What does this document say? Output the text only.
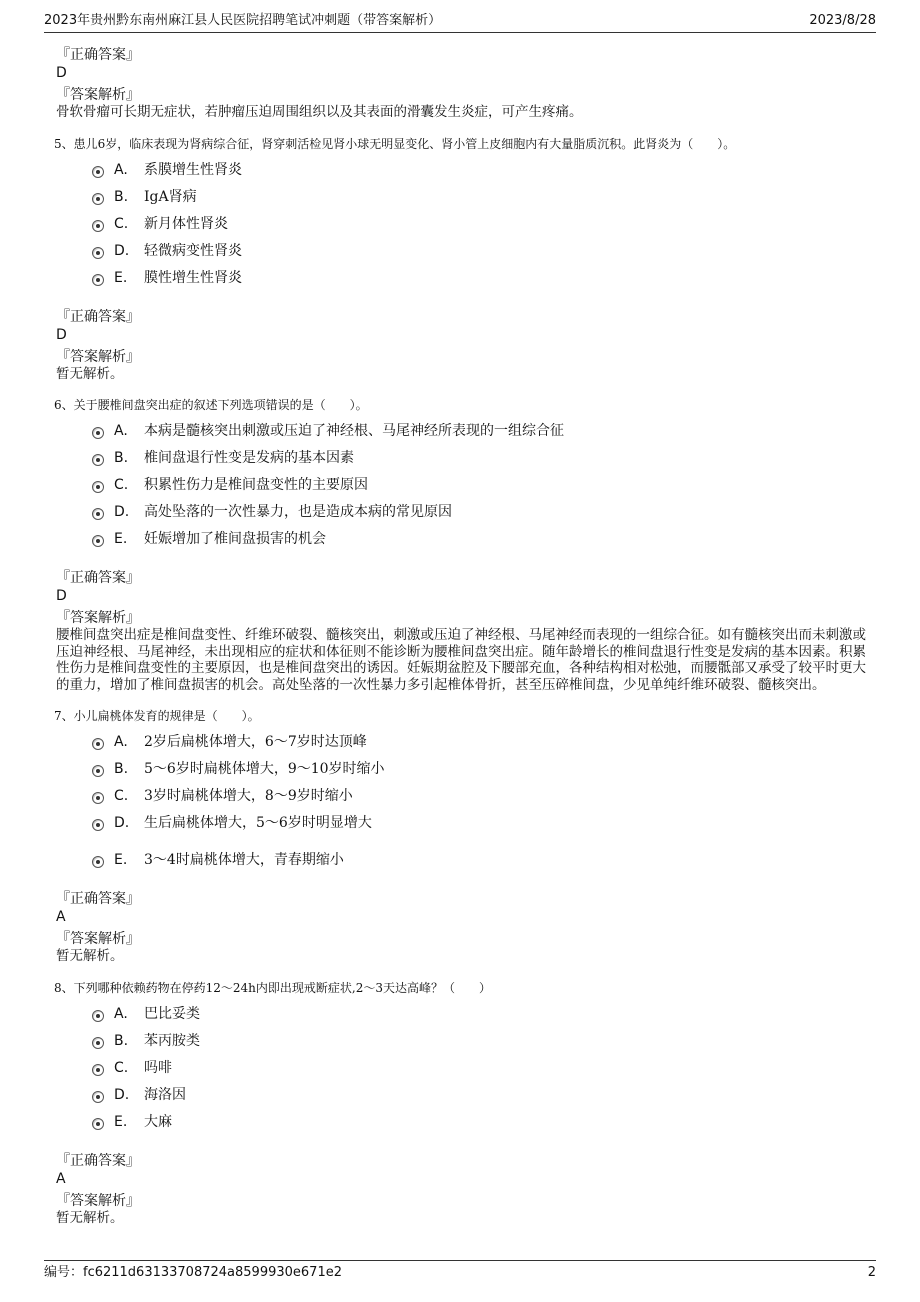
2023年贵州黔东南州麻江县人民医院招聘笔试冲刺题（带答案解析）	2023/8/28
『正确答案』
D
『答案解析』
骨软骨瘤可长期无症状，若肿瘤压迫周围组织以及其表面的滑囊发生炎症，可产生疼痛。
5、患儿6岁，临床表现为肾病综合征，肾穿刺活检见肾小球无明显变化、肾小管上皮细胞内有大量脂质沉积。此肾炎为（　　）。
A. 系膜增生性肾炎
B. IgA肾病
C. 新月体性肾炎
D. 轻微病变性肾炎
E. 膜性增生性肾炎
『正确答案』
D
『答案解析』
暂无解析。
6、关于腰椎间盘突出症的叙述下列选项错误的是（　　）。
A. 本病是髓核突出刺激或压迫了神经根、马尾神经所表现的一组综合征
B. 椎间盘退行性变是发病的基本因素
C. 积累性伤力是椎间盘变性的主要原因
D. 高处坠落的一次性暴力，也是造成本病的常见原因
E. 妊娠增加了椎间盘损害的机会
『正确答案』
D
『答案解析』
腰椎间盘突出症是椎间盘变性、纤维环破裂、髓核突出，刺激或压迫了神经根、马尾神经而表现的一组综合征。如有髓核突出而未刺激或压迫神经根、马尾神经，未出现相应的症状和体征则不能诊断为腰椎间盘突出症。随年龄增长的椎间盘退行性变是发病的基本因素。积累性伤力是椎间盘变性的主要原因，也是椎间盘突出的诱因。妊娠期盆腔及下腰部充血，各种结构相对松弛，而腰骶部又承受了较平时更大的重力，增加了椎间盘损害的机会。高处坠落的一次性暴力多引起椎体骨折，甚至压碎椎间盘，少见单纯纤维环破裂、髓核突出。
7、小儿扁桃体发育的规律是（　　）。
A. 2岁后扁桃体增大，6～7岁时达顶峰
B. 5～6岁时扁桃体增大，9～10岁时缩小
C. 3岁时扁桃体增大，8～9岁时缩小
D. 生后扁桃体增大，5～6岁时明显增大
E. 3～4时扁桃体增大，青春期缩小
『正确答案』
A
『答案解析』
暂无解析。
8、下列哪种依赖药物在停药12～24h内即出现戒断症状,2～3天达高峰？（　　）
A. 巴比妥类
B. 苯丙胺类
C. 吗啡
D. 海洛因
E. 大麻
『正确答案』
A
『答案解析』
暂无解析。
编号：fc6211d63133708724a8599930e671e2	2
